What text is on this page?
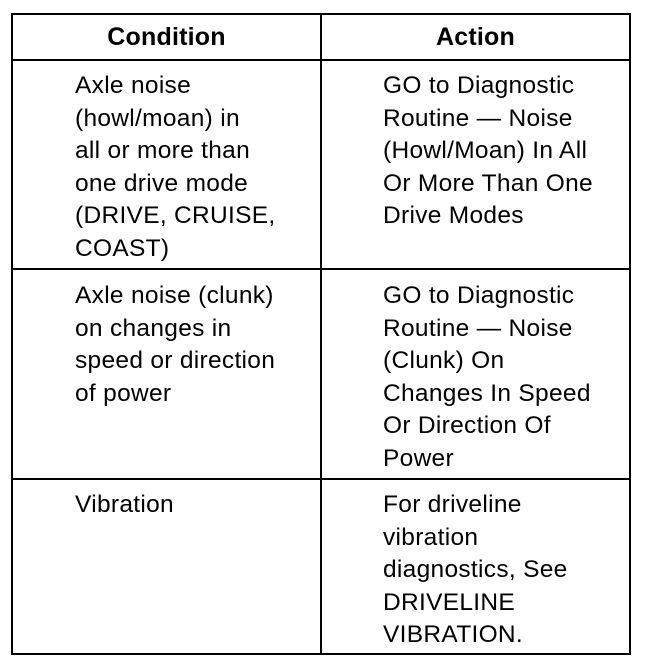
Condition	Action
Axle noise
(howl/moan) in
all or more than
one drive mode
(DRIVE, CRUISE,
COAST)
GO to Diagnostic
Routine — Noise
(Howl/Moan) In All
Or More Than One
Drive Modes
Axle noise (clunk)
on changes in
speed or direction
of power
GO to Diagnostic
Routine — Noise
(Clunk) On
Changes In Speed
Or Direction Of
Power
Vibration	For driveline
vibration
diagnostics, See
DRIVELINE
VIBRATION.
